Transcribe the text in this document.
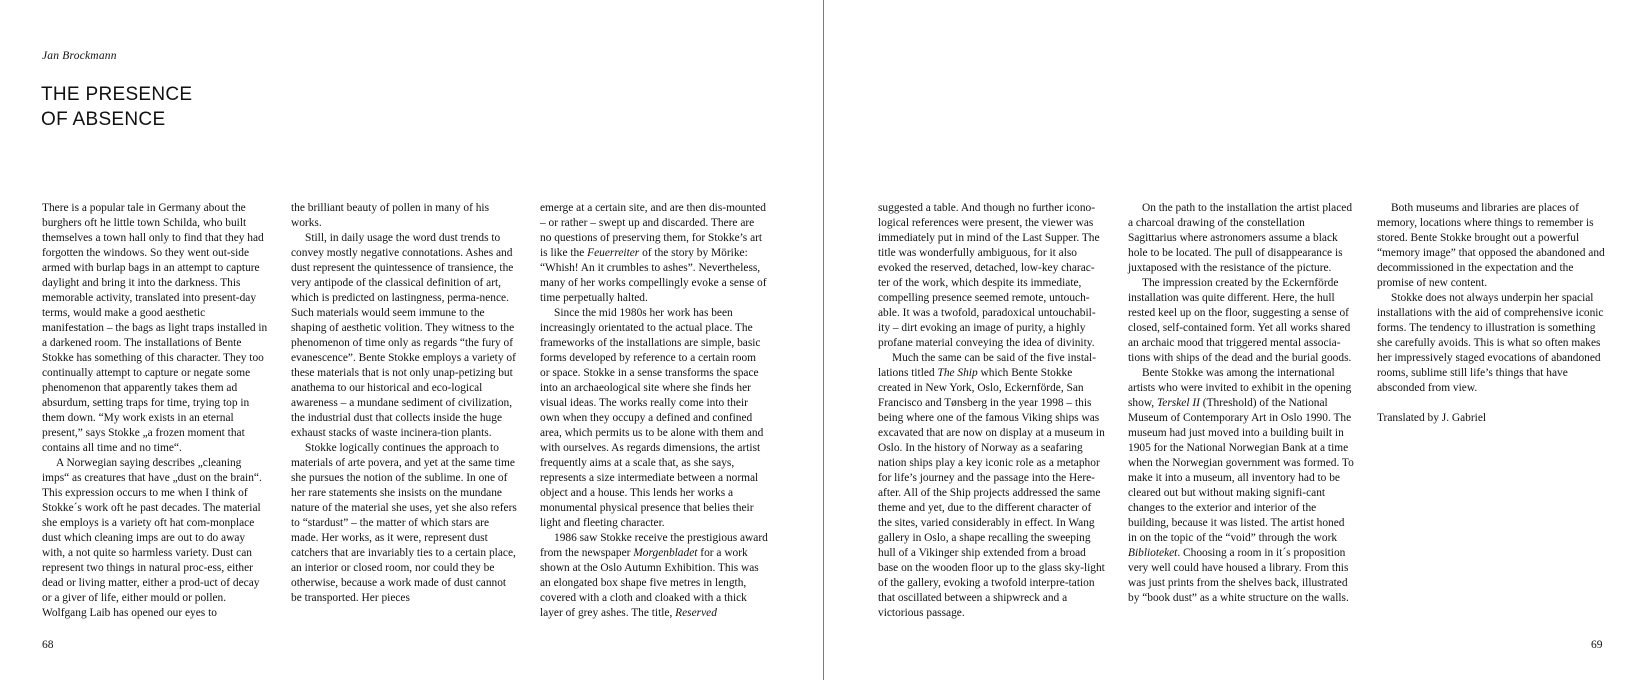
Jan Brockmann
THE PRESENCE
OF ABSENCE

There is a popular tale in Germany about the burghers oft he little town Schilda, who built themselves a town hall only to find that they had forgotten the windows. So they went out-side armed with burlap bags in an attempt to capture daylight and bring it into the darkness. This memorable activity, translated into present-day terms, would make a good aesthetic manifestation – the bags as light traps installed in a darkened room. The installations of Bente Stokke has something of this character. They too continually attempt to capture or negate some phenomenon that apparently takes them ad absurdum, setting traps for time, trying top in them down. “My work exists in an eternal present,” says Stokke „a frozen moment that contains all time and no time“.

A Norwegian saying describes „cleaning imps“ as creatures that have „dust on the brain“. This expression occurs to me when I think of Stokke´s work oft he past decades. The material she employs is a variety oft hat com-monplace dust which cleaning imps are out to do away with, a not quite so harmless variety. Dust can represent two things in natural proc-ess, either dead or living matter, either a prod-uct of decay or a giver of life, either mould or pollen. Wolfgang Laib has opened our eyes to

the brilliant beauty of pollen in many of his works.

Still, in daily usage the word dust trends to convey mostly negative connotations. Ashes and dust represent the quintessence of transience, the very antipode of the classical definition of art, which is predicted on lastingness, perma-nence. Such materials would seem immune to the shaping of aesthetic volition. They witness to the phenomenon of time only as regards “the fury of evanescence”. Bente Stokke employs a variety of these materials that is not only unap-petizing but anathema to our historical and eco-logical awareness – a mundane sediment of civilization, the industrial dust that collects inside the huge exhaust stacks of waste incinera-tion plants.

Stokke logically continues the approach to materials of arte povera, and yet at the same time she pursues the notion of the sublime. In one of her rare statements she insists on the mundane nature of the material she uses, yet she also refers to “stardust” – the matter of which stars are made. Her works, as it were, represent dust catchers that are invariably ties to a certain place, an interior or closed room, nor could they be otherwise, because a work made of dust cannot be transported. Her pieces

emerge at a certain site, and are then dis-mounted – or rather – swept up and discarded. There are no questions of preserving them, for Stokke’s art is like the Feuerreiter of the story by Mörike: “Whish! An it crumbles to ashes”. Nevertheless, many of her works compellingly evoke a sense of time perpetually halted.

Since the mid 1980s her work has been increasingly orientated to the actual place. The frameworks of the installations are simple, basic forms developed by reference to a certain room or space. Stokke in a sense transforms the space into an archaeological site where she finds her visual ideas. The works really come into their own when they occupy a defined and confined area, which permits us to be alone with them and with ourselves. As regards dimensions, the artist frequently aims at a scale that, as she says, represents a size intermediate between a normal object and a house. This lends her works a monumental physical presence that belies their light and fleeting character.

1986 saw Stokke receive the prestigious award from the newspaper Morgenbladet for a work shown at the Oslo Autumn Exhibition. This was an elongated box shape five metres in length, covered with a cloth and cloaked with a thick layer of grey ashes. The title, Reserved

68

suggested a table. And though no further icono-logical references were present, the viewer was immediately put in mind of the Last Supper. The title was wonderfully ambiguous, for it also evoked the reserved, detached, low-key charac-ter of the work, which despite its immediate, compelling presence seemed remote, untouch-able. It was a twofold, paradoxical untouchabil-ity – dirt evoking an image of purity, a highly profane material conveying the idea of divinity.

Much the same can be said of the five instal-lations titled The Ship which Bente Stokke created in New York, Oslo, Eckernförde, San Francisco and Tønsberg in the year 1998 – this being where one of the famous Viking ships was excavated that are now on display at a museum in Oslo. In the history of Norway as a seafaring nation ships play a key iconic role as a metaphor for life’s journey and the passage into the Here-after. All of the Ship projects addressed the same theme and yet, due to the different character of the sites, varied considerably in effect. In Wang gallery in Oslo, a shape recalling the sweeping hull of a Vikinger ship extended from a broad base on the wooden floor up to the glass sky-light of the gallery, evoking a twofold interpre-tation that oscillated between a shipwreck and a victorious passage.

On the path to the installation the artist placed a charcoal drawing of the constellation Sagittarius where astronomers assume a black hole to be located. The pull of disappearance is juxtaposed with the resistance of the picture.

The impression created by the Eckernförde installation was quite different. Here, the hull rested keel up on the floor, suggesting a sense of closed, self-contained form. Yet all works shared an archaic mood that triggered mental associa-tions with ships of the dead and the burial goods.

Bente Stokke was among the international artists who were invited to exhibit in the opening show, Terskel II (Threshold) of the National Museum of Contemporary Art in Oslo 1990. The museum had just moved into a building built in 1905 for the National Norwegian Bank at a time when the Norwegian government was formed. To make it into a museum, all inventory had to be cleared out but without making signifi-cant changes to the exterior and interior of the building, because it was listed. The artist honed in on the topic of the “void” through the work Biblioteket. Choosing a room in it´s proposition very well could have housed a library. From this was just prints from the shelves back, illustrated by “book dust” as a white structure on the walls.

Both museums and libraries are places of memory, locations where things to remember is stored. Bente Stokke brought out a powerful “memory image” that opposed the abandoned and decommissioned in the expectation and the promise of new content.

Stokke does not always underpin her spacial installations with the aid of comprehensive iconic forms. The tendency to illustration is something she carefully avoids. This is what so often makes her impressively staged evocations of abandoned rooms, sublime still life’s things that have absconded from view.

Translated by J. Gabriel

69
